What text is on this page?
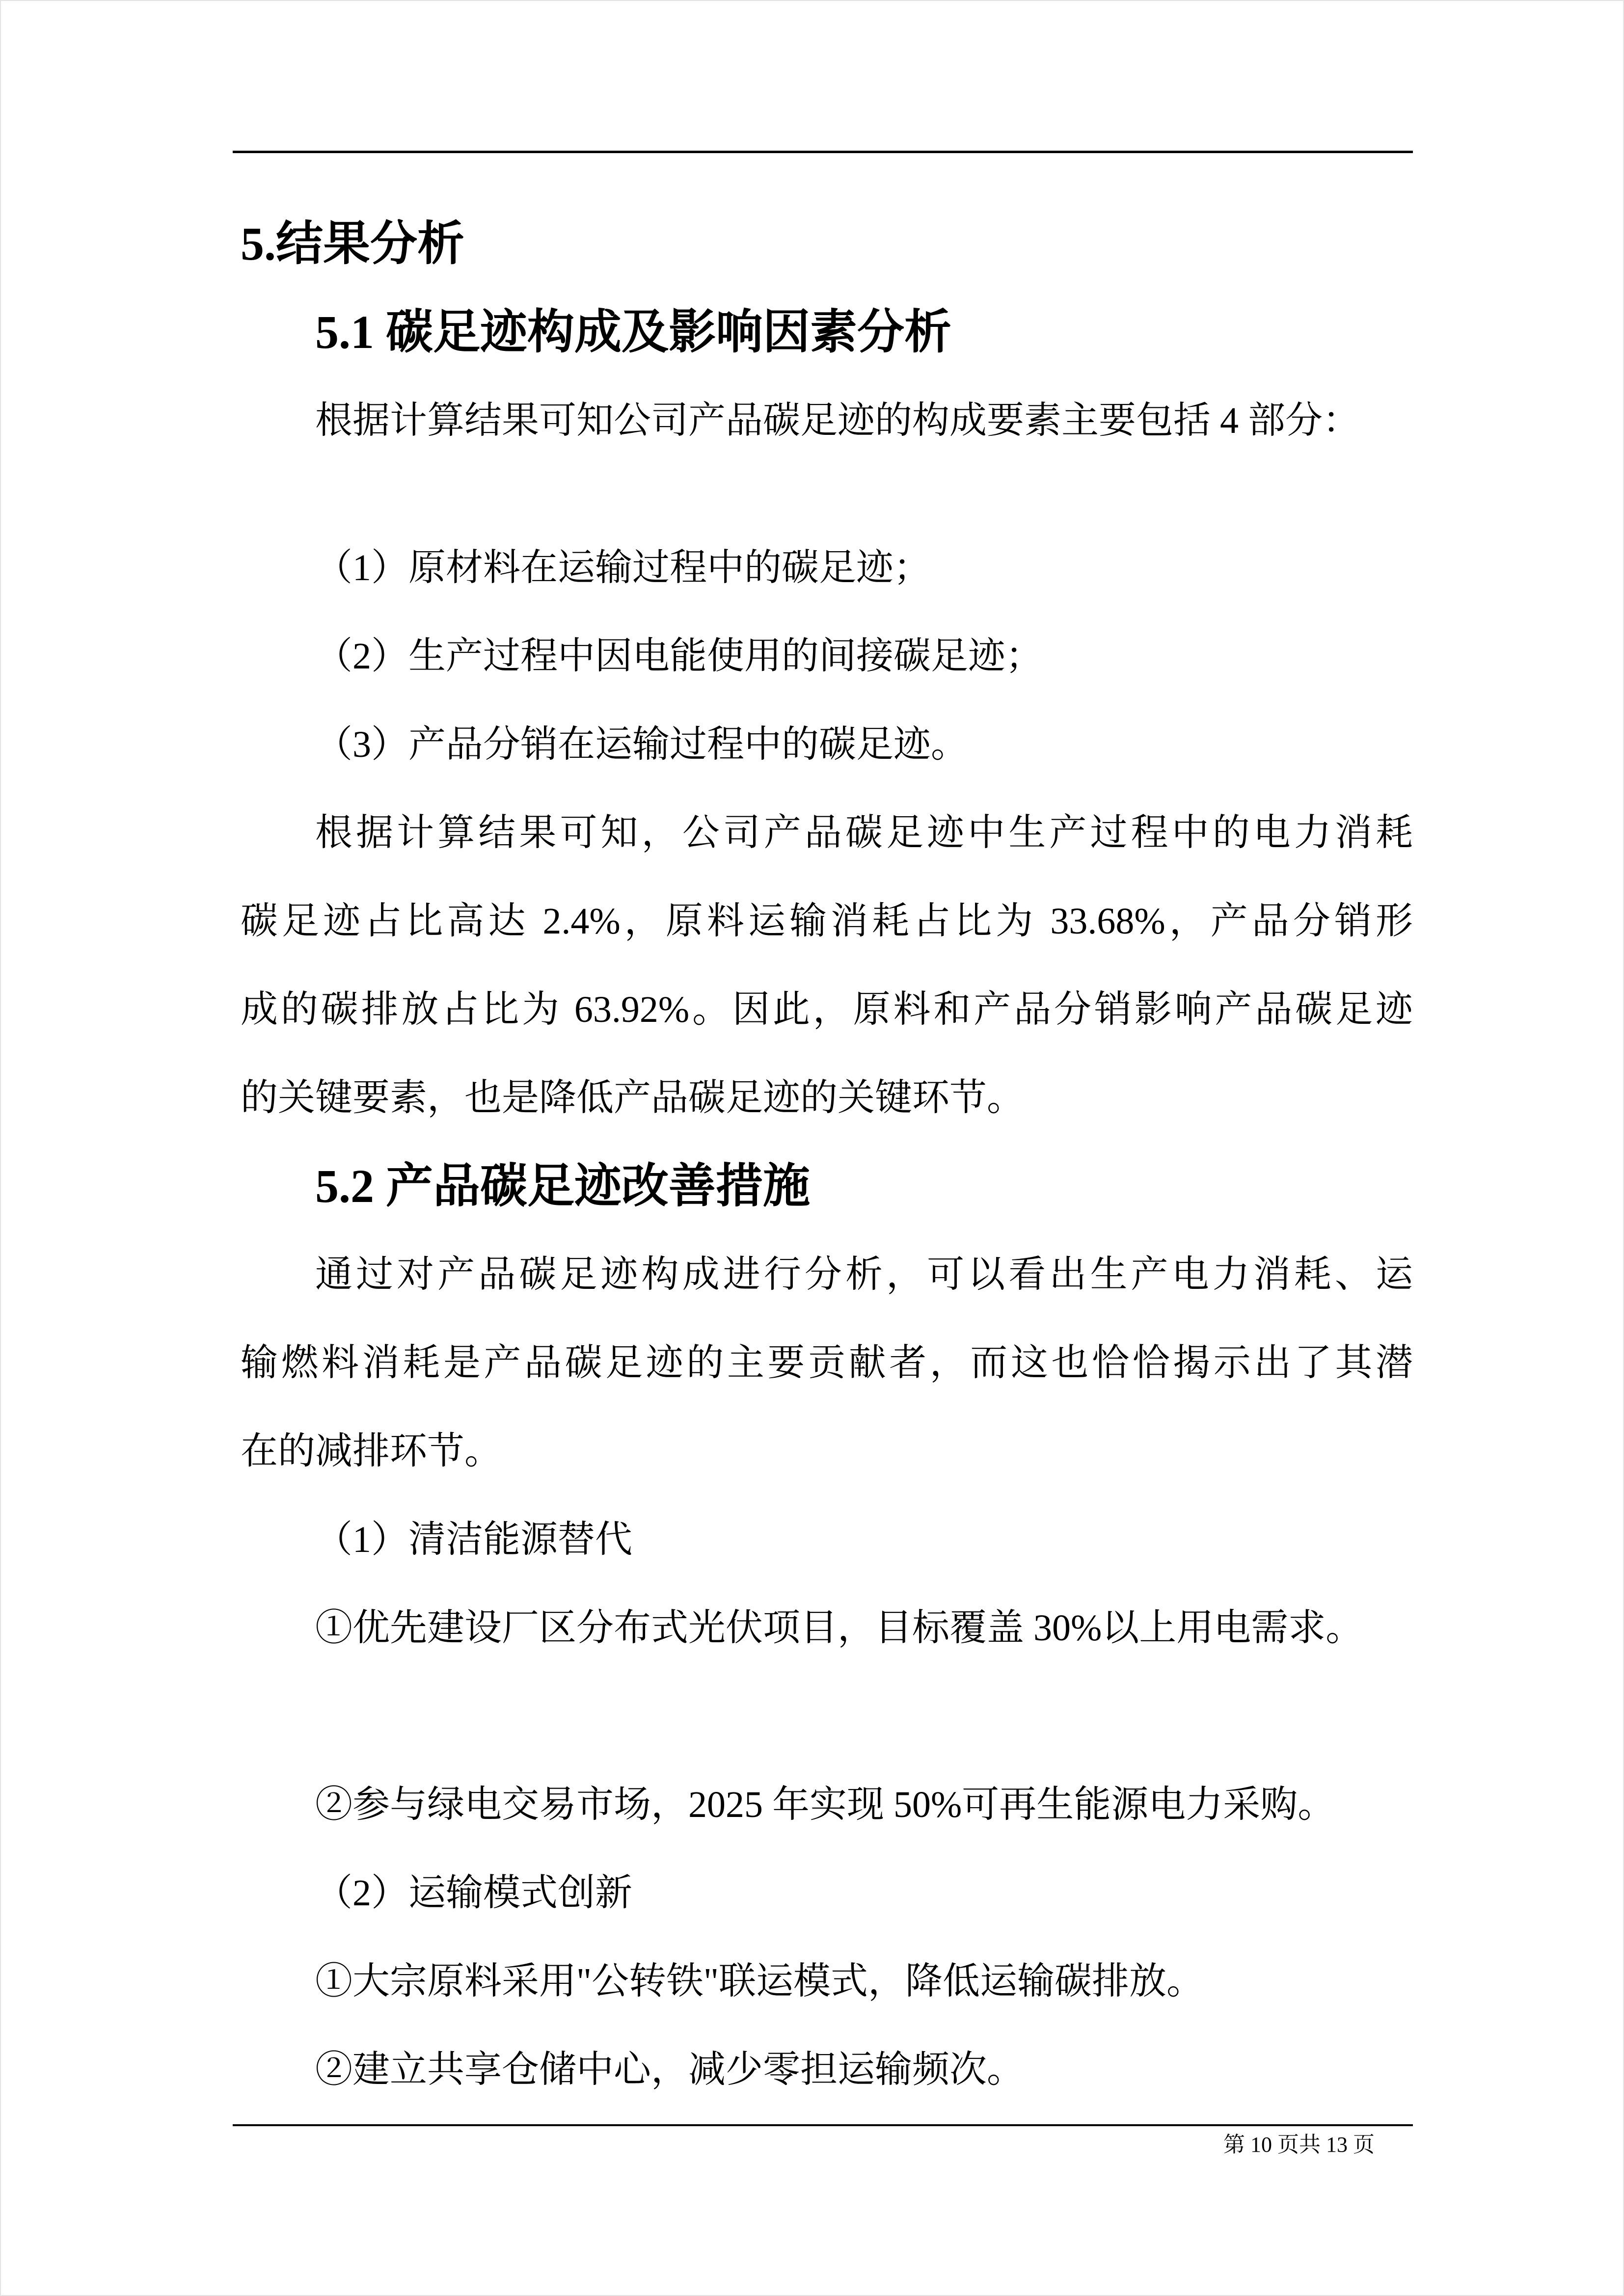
5.结果分析
5.1 碳足迹构成及影响因素分析
根据计算结果可知公司产品碳足迹的构成要素主要包括 4 部分：
（1）原材料在运输过程中的碳足迹；
（2）生产过程中因电能使用的间接碳足迹；
（3）产品分销在运输过程中的碳足迹。
根据计算结果可知，公司产品碳足迹中生产过程中的电力消耗
碳足迹占比高达 2.4%，原料运输消耗占比为 33.68%，产品分销形
成的碳排放占比为 63.92%。因此，原料和产品分销影响产品碳足迹
的关键要素，也是降低产品碳足迹的关键环节。
5.2 产品碳足迹改善措施
通过对产品碳足迹构成进行分析，可以看出生产电力消耗、运
输燃料消耗是产品碳足迹的主要贡献者，而这也恰恰揭示出了其潜
在的减排环节。
（1）清洁能源替代
①优先建设厂区分布式光伏项目，目标覆盖 30%以上用电需求。
②参与绿电交易市场，2025 年实现 50%可再生能源电力采购。
（2）运输模式创新
①大宗原料采用"公转铁"联运模式，降低运输碳排放。
②建立共享仓储中心，减少零担运输频次。
第 10 页共 13 页
